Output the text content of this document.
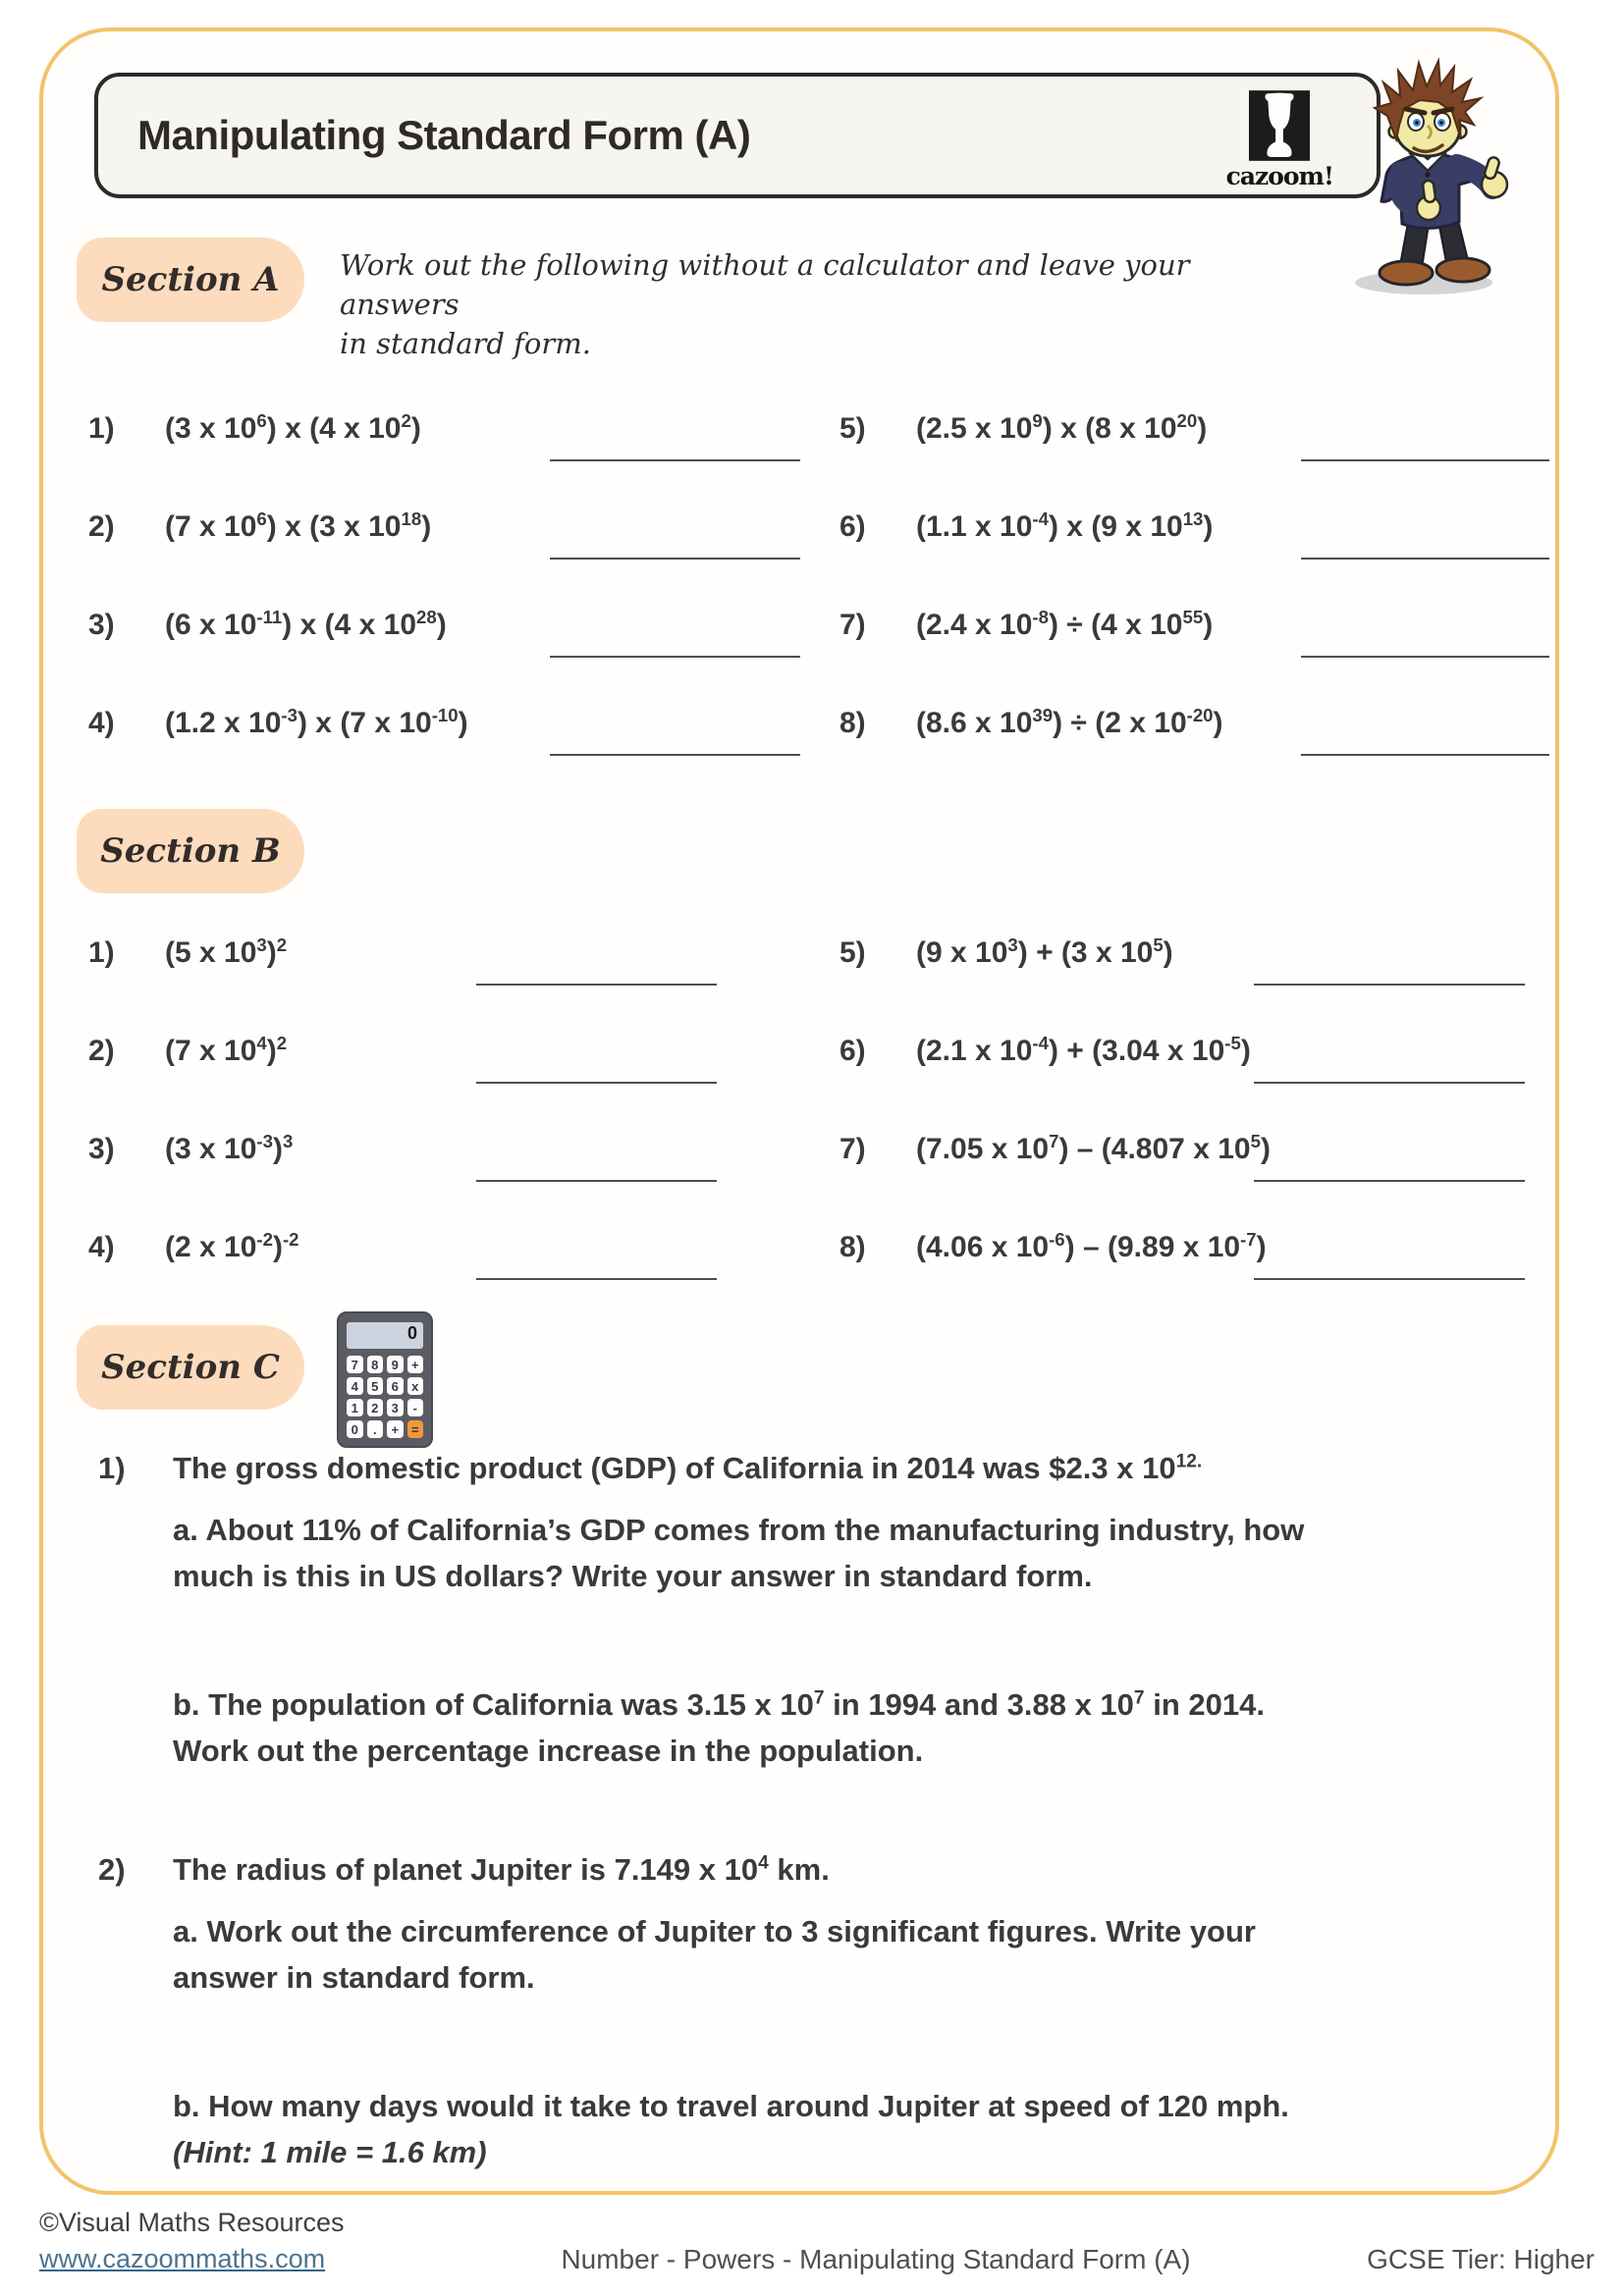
Manipulating Standard Form (A)
cazoom!
Section A	Work out the following without a calculator and leave your answers
in standard form.
1)	(3 x $10^6$) x (4 x $10^2$)
2)	(7 x $10^6$) x (3 x $10^{18}$)
3)	(6 x $10^{-11}$) x (4 x $10^{28}$)
4)	(1.2 x $10^{-3}$) x (7 x $10^{-10}$)
5)	(2.5 x $10^9$) x (8 x $10^{20}$)
6)	(1.1 x $10^{-4}$) x (9 x $10^{13}$)
7)	(2.4 x $10^{-8}) \div (4$ x $10^{55}$)
8)	(8.6 x $10^{39}) \div (2$ x $10^{-20}$)
Section B
1)	(5 x $10^3)^2$
2)	(7 x $10^4)^2$
3)	(3 x $10^{-3})^3$
4)	(2 x $10^{-2})^{-2}$
5)	(9 x $10^3) + (3$ x $10^5$)
6)	(2.1 x $10^{-4}) + (3.04$ x $10^{-5}$)
7)	(7.05 x $10^7) - (4.807$ x $10^5$)
8)	(4.06 x $10^{-6}) - (9.89$ x $10^{-7}$)
Section C
0
7	8	9	+
4	5	6	x
1	2	3	-
0	.	+ =
1)	The gross domestic product (GDP) of California in 2014 was $2.3 x $10^{12.}$
a. About 11% of California’s GDP comes from the manufacturing industry, how
much is this in US dollars? Write your answer in standard form.
b. The population of California was 3.15 x $10^7$ in 1994 and 3.88 x $10^7$ in 2014.
Work out the percentage increase in the population.
2)	The radius of planet Jupiter is 7.149 x $10^4$ km.
a. Work out the circumference of Jupiter to 3 significant figures. Write your
answer in standard form.
b. How many days would it take to travel around Jupiter at speed of 120 mph.
(Hint: 1 mile = 1.6 km)
©Visual Maths Resources
www.cazoommaths.com	Number - Powers - Manipulating Standard Form (A)	GCSE Tier: Higher
